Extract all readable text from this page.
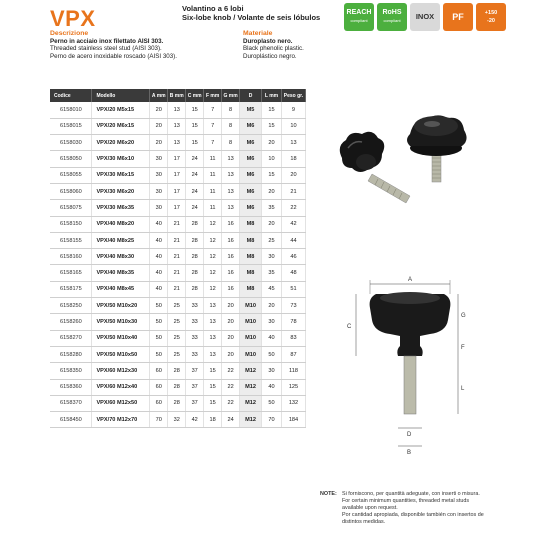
VPX	Volantino a 6 lobi
Six-lobe knob / Volante de seis lóbulos
REACH
compliant
RoHS
compliant	INOX	PF	+150
-20
Descrizione
Perno in acciaio inox filettato AISI 303.
Threaded stainless steel stud (AISI 303).
Perno de acero inoxidable roscado (AISI 303).
Materiale
Duroplasto nero.
Black phenolic plastic.
Duroplástico negro.
Codice	Modello	A mm	B mm	C mm	F mm	G mm	D	L mm	Peso gr.
6158010	VPX/20 M5x15	20	13	15	7	8	M5	15	9
6158015	VPX/20 M6x15	20	13	15	7	8	M6	15	10
6158030	VPX/20 M6x20	20	13	15	7	8	M6	20	13
6158050	VPX/30 M6x10	30	17	24	11	13	M6	10	18
6158055	VPX/30 M6x15	30	17	24	11	13	M6	15	20
6158060	VPX/30 M6x20	30	17	24	11	13	M6	20	21
6158075	VPX/30 M6x35	30	17	24	11	13	M6	35	22
6158150	VPX/40 M8x20	40	21	28	12	16	M8	20	42
6158155	VPX/40 M8x25	40	21	28	12	16	M8	25	44
6158160	VPX/40 M8x30	40	21	28	12	16	M8	30	46
6158165	VPX/40 M8x35	40	21	28	12	16	M8	35	48
6158175	VPX/40 M8x45	40	21	28	12	16	M8	45	51
6158250	VPX/50 M10x20	50	25	33	13	20	M10	20	73
6158260	VPX/50 M10x30	50	25	33	13	20	M10	30	78
6158270	VPX/50 M10x40	50	25	33	13	20	M10	40	83
6158280	VPX/50 M10x50	50	25	33	13	20	M10	50	87
6158350	VPX/60 M12x30	60	28	37	15	22	M12	30	118
6158360	VPX/60 M12x40	60	28	37	15	22	M12	40	125
6158370	VPX/60 M12x50	60	28	37	15	22	M12	50	132
6158450	VPX/70 M12x70	70	32	42	18	24	M12	70	184
A
C
G
F
L
D
B
NOTE: Si forniscono, per quantità adeguate, con inserti o misura.
For certain minimum quantities, threaded metal studs available upon request.
Por cantidad apropiada, disponible también con insertos de distintos medidas.
